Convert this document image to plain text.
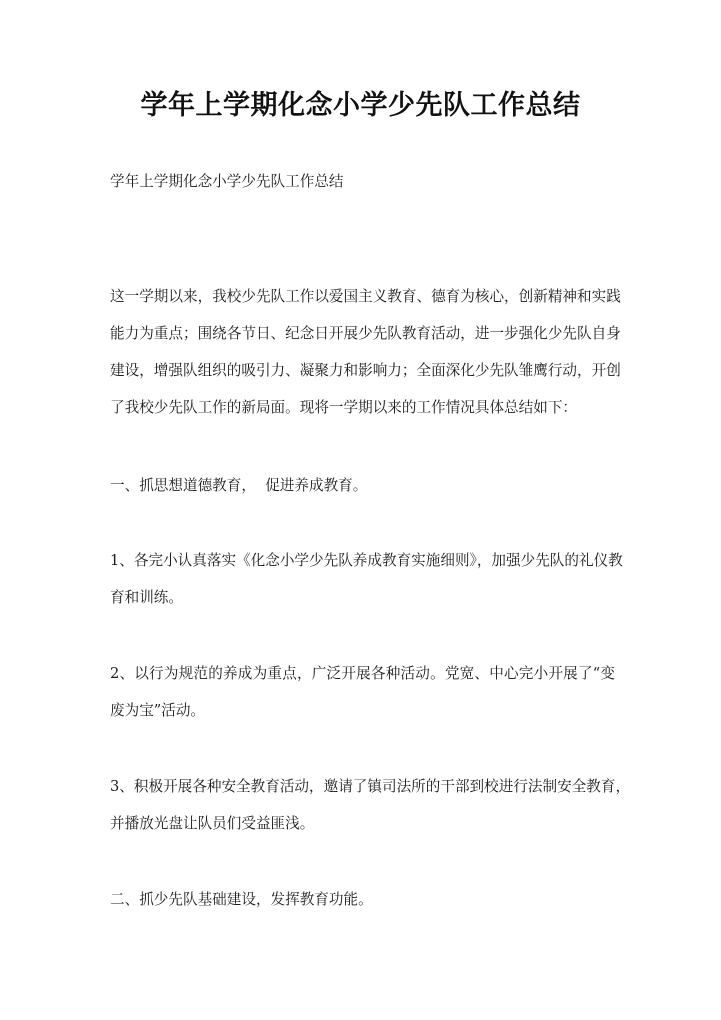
学年上学期化念小学少先队工作总结
学年上学期化念小学少先队工作总结
这一学期以来，我校少先队工作以爱国主义教育、德育为核心，创新精神和实践
能力为重点；围绕各节日、纪念日开展少先队教育活动，进一步强化少先队自身
建设，增强队组织的吸引力、凝聚力和影响力；全面深化少先队雏鹰行动，开创
了我校少先队工作的新局面。现将一学期以来的工作情况具体总结如下：
一、抓思想道德教育，  促进养成教育。
1、各完小认真落实《化念小学少先队养成教育实施细则》，加强少先队的礼仪教
育和训练。
2、以行为规范的养成为重点，广泛开展各种活动。党宽、中心完小开展了“变
废为宝”活动。
3、积极开展各种安全教育活动，邀请了镇司法所的干部到校进行法制安全教育，
并播放光盘让队员们受益匪浅。
二、抓少先队基础建设，发挥教育功能。
